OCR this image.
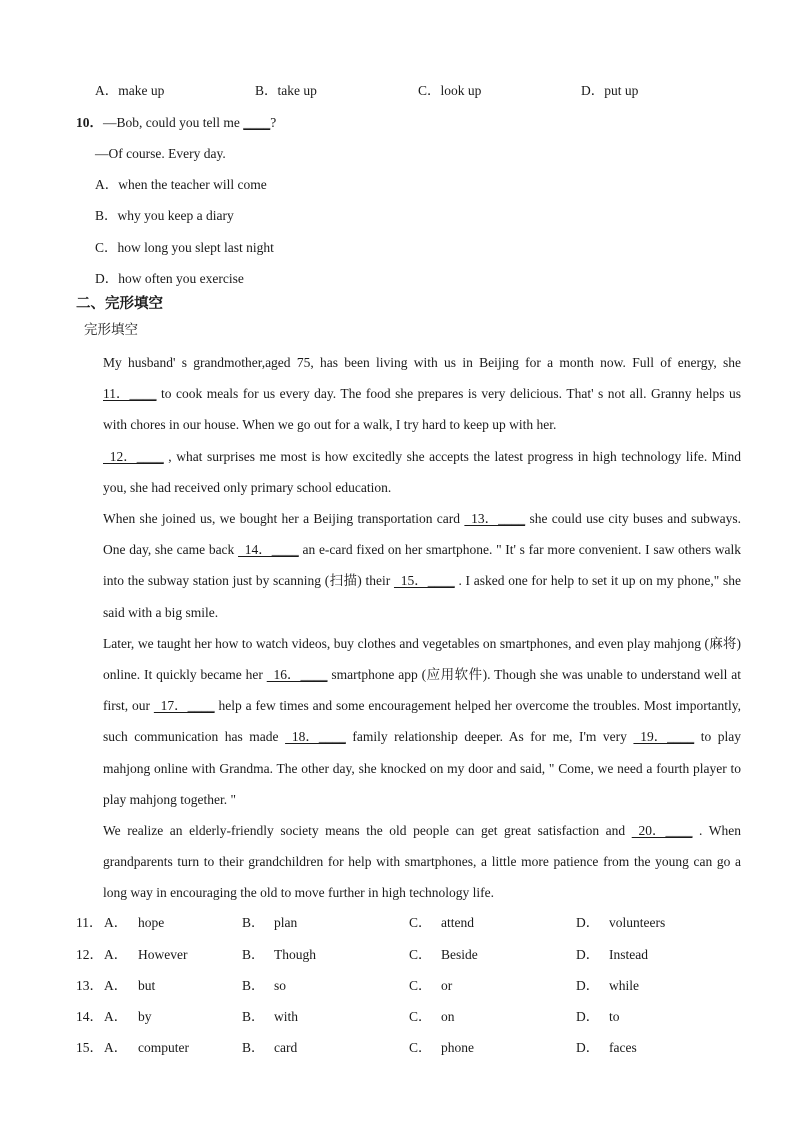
A．make up	B．take up	C．look up	D．put up
10．—Bob, could you tell me ____?
—Of course. Every day.
A．when the teacher will come
B．why you keep a diary
C．how long you slept last night
D．how often you exercise
二、完形填空
完形填空

My husband' s grandmother,aged 75, has been living with us in Beijing for a month now. Full of energy, she 11．____ to cook meals for us every day. The food she prepares is very delicious. That' s not all. Granny helps us with chores in our house. When we go out for a walk, I try hard to keep up with her.

12．____ , what surprises me most is how excitedly she accepts the latest progress in high technology life. Mind you, she had received only primary school education.

When she joined us, we bought her a Beijing transportation card   13．____ she could use city buses and subways. One day, she came back   14．____ an e-card fixed on her smartphone. " It' s far more convenient. I saw others walk into the subway station just by scanning (扫描) their   15．____ . I asked one for help to set it up on my phone," she said with a big smile.

Later, we taught her how to watch videos, buy clothes and vegetables on smartphones, and even play mahjong (麻将) online. It quickly became her   16．____ smartphone app (应用软件). Though she was unable to understand well at first, our   17．____ help a few times and some encouragement helped her overcome the troubles. Most importantly, such communication has made   18．____ family relationship deeper. As for me, I'm very   19．____ to play mahjong online with Grandma. The other day, she knocked on my door and said, " Come, we need a fourth player to play mahjong together. "

We realize an elderly-friendly society means the old people can get great satisfaction and   20．____ . When grandparents turn to their grandchildren for help with smartphones, a little more patience from the young can go a long way in encouraging the old to move further in high technology life.

11． A． hope	B． plan	C． attend	D． volunteers
12． A． However	B． Though	C． Beside	D． Instead
13． A． but	B． so	C． or	D． while
14． A． by	B． with	C． on	D． to
15． A． computer	B． card	C． phone	D． faces
